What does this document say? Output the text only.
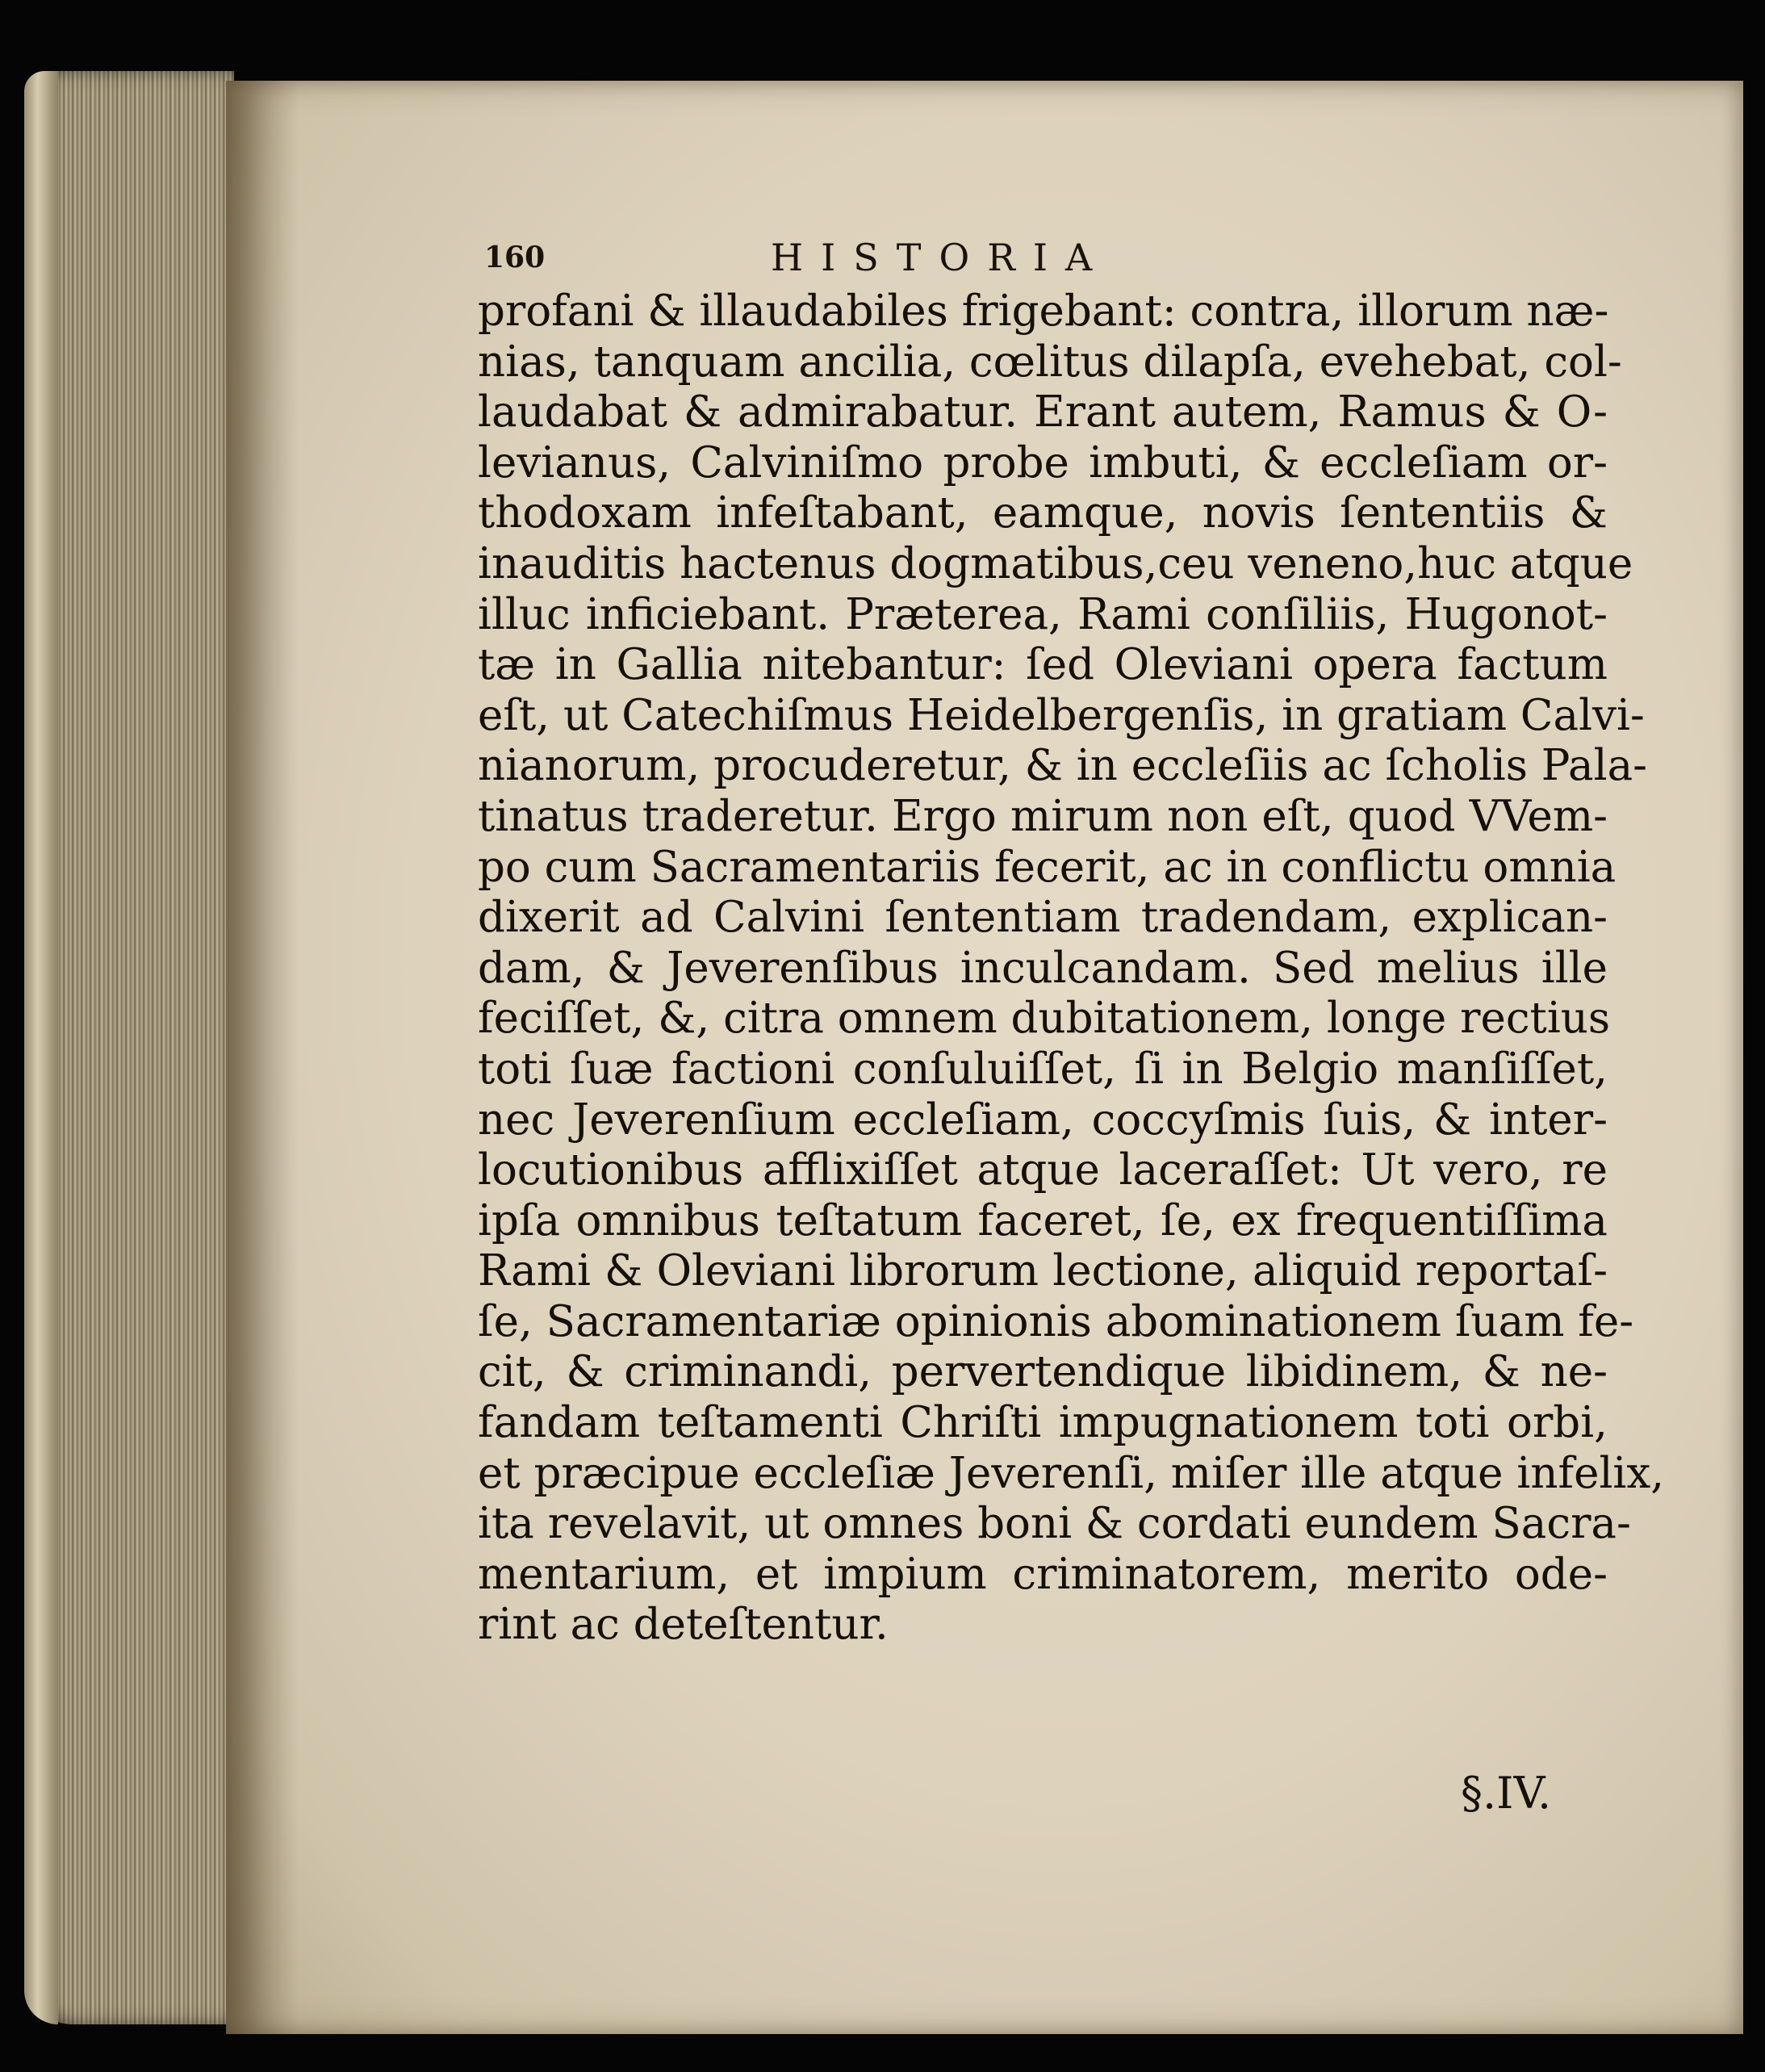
160	HISTORIA
profani & illaudabiles frigebant: contra, illorum næ-
nias, tanquam ancilia, cœlitus dilapſa, evehebat, col-
laudabat & admirabatur. Erant autem, Ramus & O-
levianus, Calviniſmo probe imbuti, & eccleſiam or-
thodoxam infeſtabant, eamque, novis ſententiis &
inauditis hactenus dogmatibus,ceu veneno,huc atque
illuc inficiebant. Præterea, Rami conſiliis, Hugonot-
tæ in Gallia nitebantur: ſed Oleviani opera factum
eſt, ut Catechiſmus Heidelbergenſis, in gratiam Calvi-
nianorum, procuderetur, & in eccleſiis ac ſcholis Pala-
tinatus traderetur. Ergo mirum non eſt, quod VVem-
po cum Sacramentariis fecerit, ac in conflictu omnia
dixerit ad Calvini ſententiam tradendam, explican-
dam, & Jeverenſibus inculcandam. Sed melius ille
feciſſet, &, citra omnem dubitationem, longe rectius
toti ſuæ factioni conſuluiſſet, ſi in Belgio manſiſſet,
nec Jeverenſium eccleſiam, coccyſmis ſuis, & inter-
locutionibus afflixiſſet atque laceraſſet: Ut vero, re
ipſa omnibus teſtatum faceret, ſe, ex frequentiſſima
Rami & Oleviani librorum lectione, aliquid reportaſ-
ſe, Sacramentariæ opinionis abominationem ſuam fe-
cit, & criminandi, pervertendique libidinem, & ne-
fandam teſtamenti Chriſti impugnationem toti orbi,
et præcipue eccleſiæ Jeverenſi, miſer ille atque infelix,
ita revelavit, ut omnes boni & cordati eundem Sacra-
mentarium, et impium criminatorem, merito ode-
rint ac deteſtentur.
§.IV.
